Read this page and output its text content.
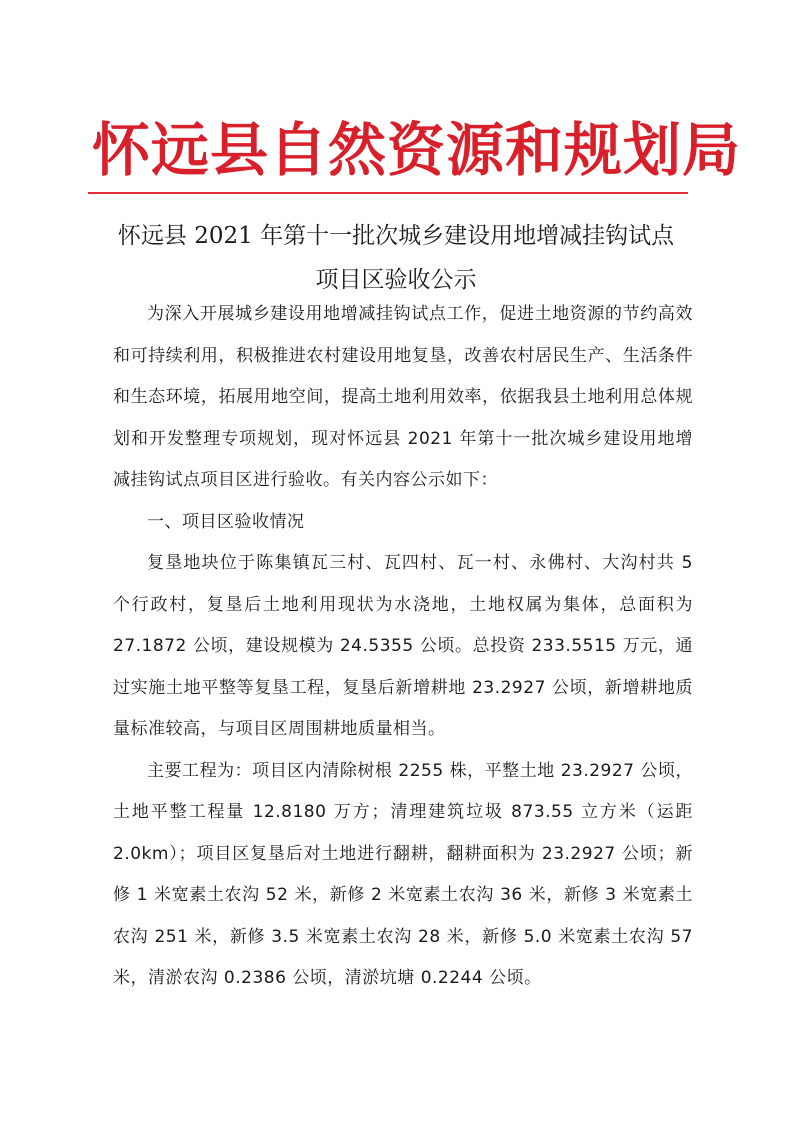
怀远县自然资源和规划局
怀远县 2021 年第十一批次城乡建设用地增减挂钩试点
项目区验收公示

为深入开展城乡建设用地增减挂钩试点工作，促进土地资源的节约高效和可持续利用，积极推进农村建设用地复垦，改善农村居民生产、生活条件和生态环境，拓展用地空间，提高土地利用效率，依据我县土地利用总体规划和开发整理专项规划，现对怀远县 2021 年第十一批次城乡建设用地增减挂钩试点项目区进行验收。有关内容公示如下：

一、项目区验收情况

复垦地块位于陈集镇瓦三村、瓦四村、瓦一村、永佛村、大沟村共 5 个行政村，复垦后土地利用现状为水浇地，土地权属为集体，总面积为 27.1872 公顷，建设规模为 24.5355 公顷。总投资 233.5515 万元，通过实施土地平整等复垦工程，复垦后新增耕地 23.2927 公顷，新增耕地质量标准较高，与项目区周围耕地质量相当。

主要工程为：项目区内清除树根 2255 株，平整土地 23.2927 公顷，土地平整工程量 12.8180 万方；清理建筑垃圾 873.55 立方米（运距 2.0km）；项目区复垦后对土地进行翻耕，翻耕面积为 23.2927 公顷；新修 1 米宽素土农沟 52 米，新修 2 米宽素土农沟 36 米，新修 3 米宽素土农沟 251 米，新修 3.5 米宽素土农沟 28 米，新修 5.0 米宽素土农沟 57 米，清淤农沟 0.2386 公顷，清淤坑塘 0.2244 公顷。
